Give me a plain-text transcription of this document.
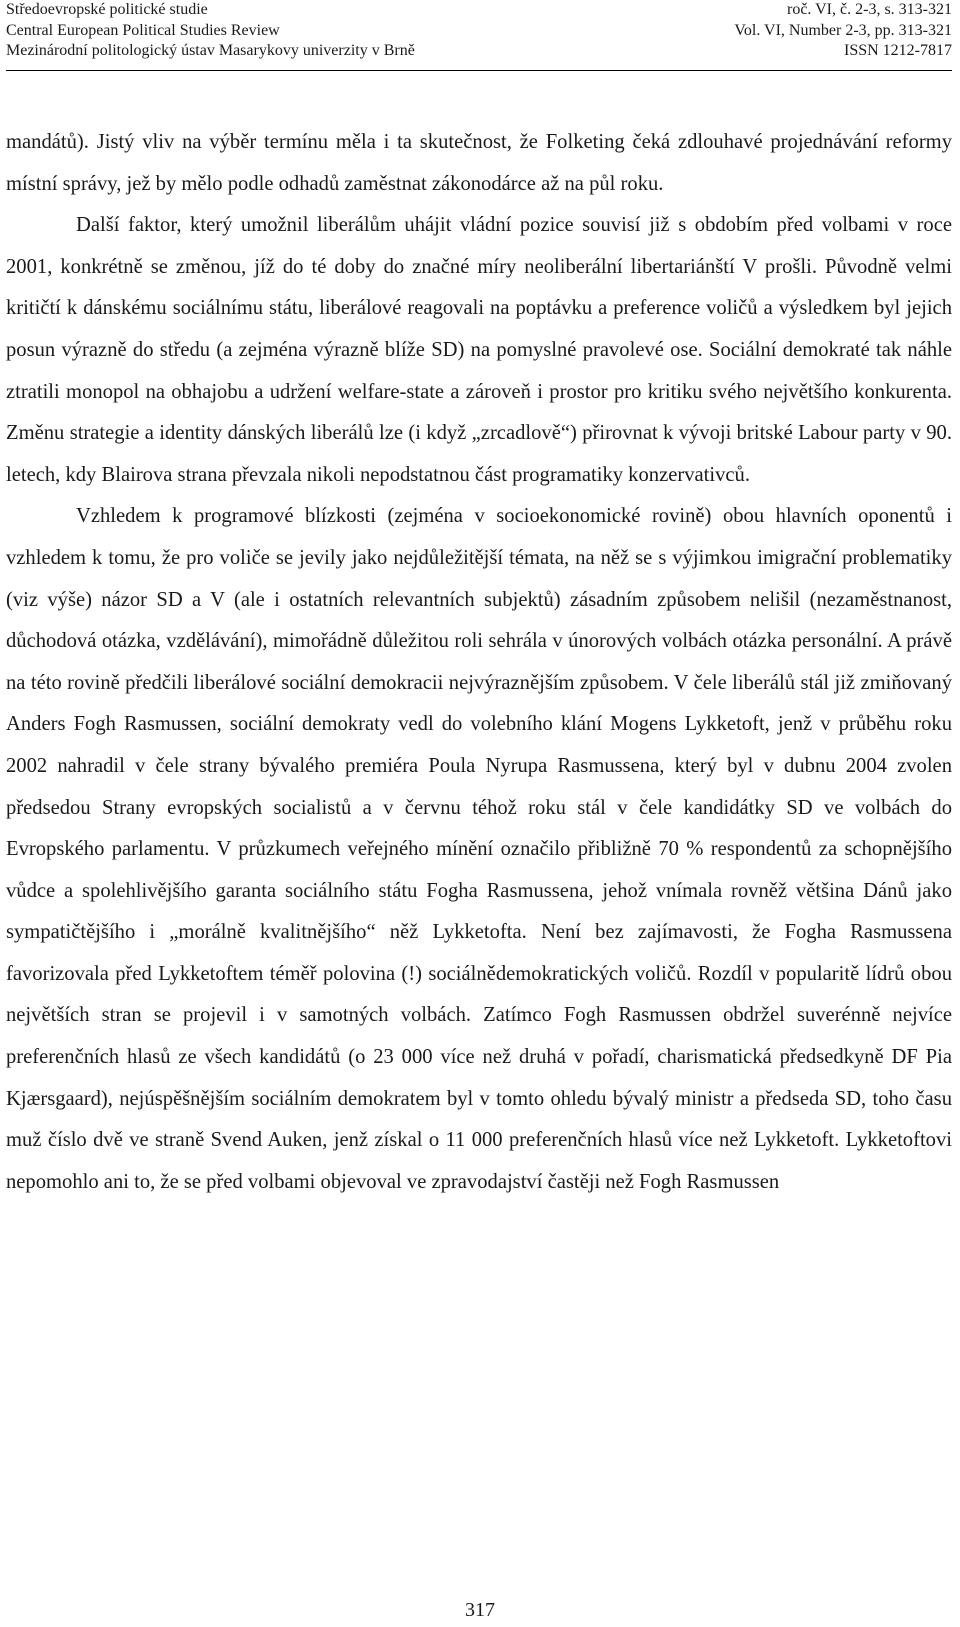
Středoevropské politické studie	roč. VI, č. 2-3, s. 313-321
Central European Political Studies Review	Vol. VI, Number 2-3, pp. 313-321
Mezinárodní politologický ústav Masarykovy univerzity v Brně	ISSN 1212-7817

mandátů). Jistý vliv na výběr termínu měla i ta skutečnost, že Folketing čeká zdlouhavé projednávání reformy místní správy, jež by mělo podle odhadů zaměstnat zákonodárce až na půl roku.

Další faktor, který umožnil liberálům uhájit vládní pozice souvisí již s obdobím před volbami v roce 2001, konkrétně se změnou, jíž do té doby do značné míry neoliberální libertariánští V prošli. Původně velmi kritičtí k dánskému sociálnímu státu, liberálové reagovali na poptávku a preference voličů a výsledkem byl jejich posun výrazně do středu (a zejména výrazně blíže SD) na pomyslné pravolevé ose. Sociální demokraté tak náhle ztratili monopol na obhajobu a udržení welfare-state a zároveň i prostor pro kritiku svého největšího konkurenta. Změnu strategie a identity dánských liberálů lze (i když „zrcadlově“) přirovnat k vývoji britské Labour party v 90. letech, kdy Blairova strana převzala nikoli nepodstatnou část programatiky konzervativců.

Vzhledem k programové blízkosti (zejména v socioekonomické rovině) obou hlavních oponentů i vzhledem k tomu, že pro voliče se jevily jako nejdůležitější témata, na něž se s výjimkou imigrační problematiky (viz výše) názor SD a V (ale i ostatních relevantních subjektů) zásadním způsobem nelišil (nezaměstnanost, důchodová otázka, vzdělávání), mimořádně důležitou roli sehrála v únorových volbách otázka personální. A právě na této rovině předčili liberálové sociální demokracii nejvýraznějším způsobem. V čele liberálů stál již zmiňovaný Anders Fogh Rasmussen, sociální demokraty vedl do volebního klání Mogens Lykketoft, jenž v průběhu roku 2002 nahradil v čele strany bývalého premiéra Poula Nyrupa Rasmussena, který byl v dubnu 2004 zvolen předsedou Strany evropských socialistů a v červnu téhož roku stál v čele kandidátky SD ve volbách do Evropského parlamentu. V průzkumech veřejného mínění označilo přibližně 70 % respondentů za schopnějšího vůdce a spolehlivějšího garanta sociálního státu Fogha Rasmussena, jehož vnímala rovněž většina Dánů jako sympatičtějšího i „morálně kvalitnějšího“ něž Lykketofta. Není bez zajímavosti, že Fogha Rasmussena favorizovala před Lykketoftem téměř polovina (!) sociálnědemokratických voličů. Rozdíl v popularitě lídrů obou největších stran se projevil i v samotných volbách. Zatímco Fogh Rasmussen obdržel suverénně nejvíce preferenčních hlasů ze všech kandidátů (o 23 000 více než druhá v pořadí, charismatická předsedkyně DF Pia Kjærsgaard), nejúspěšnějším sociálním demokratem byl v tomto ohledu bývalý ministr a předseda SD, toho času muž číslo dvě ve straně Svend Auken, jenž získal o 11 000 preferenčních hlasů více než Lykketoft. Lykketoftovi nepomohlo ani to, že se před volbami objevoval ve zpravodajství častěji než Fogh Rasmussen

317
